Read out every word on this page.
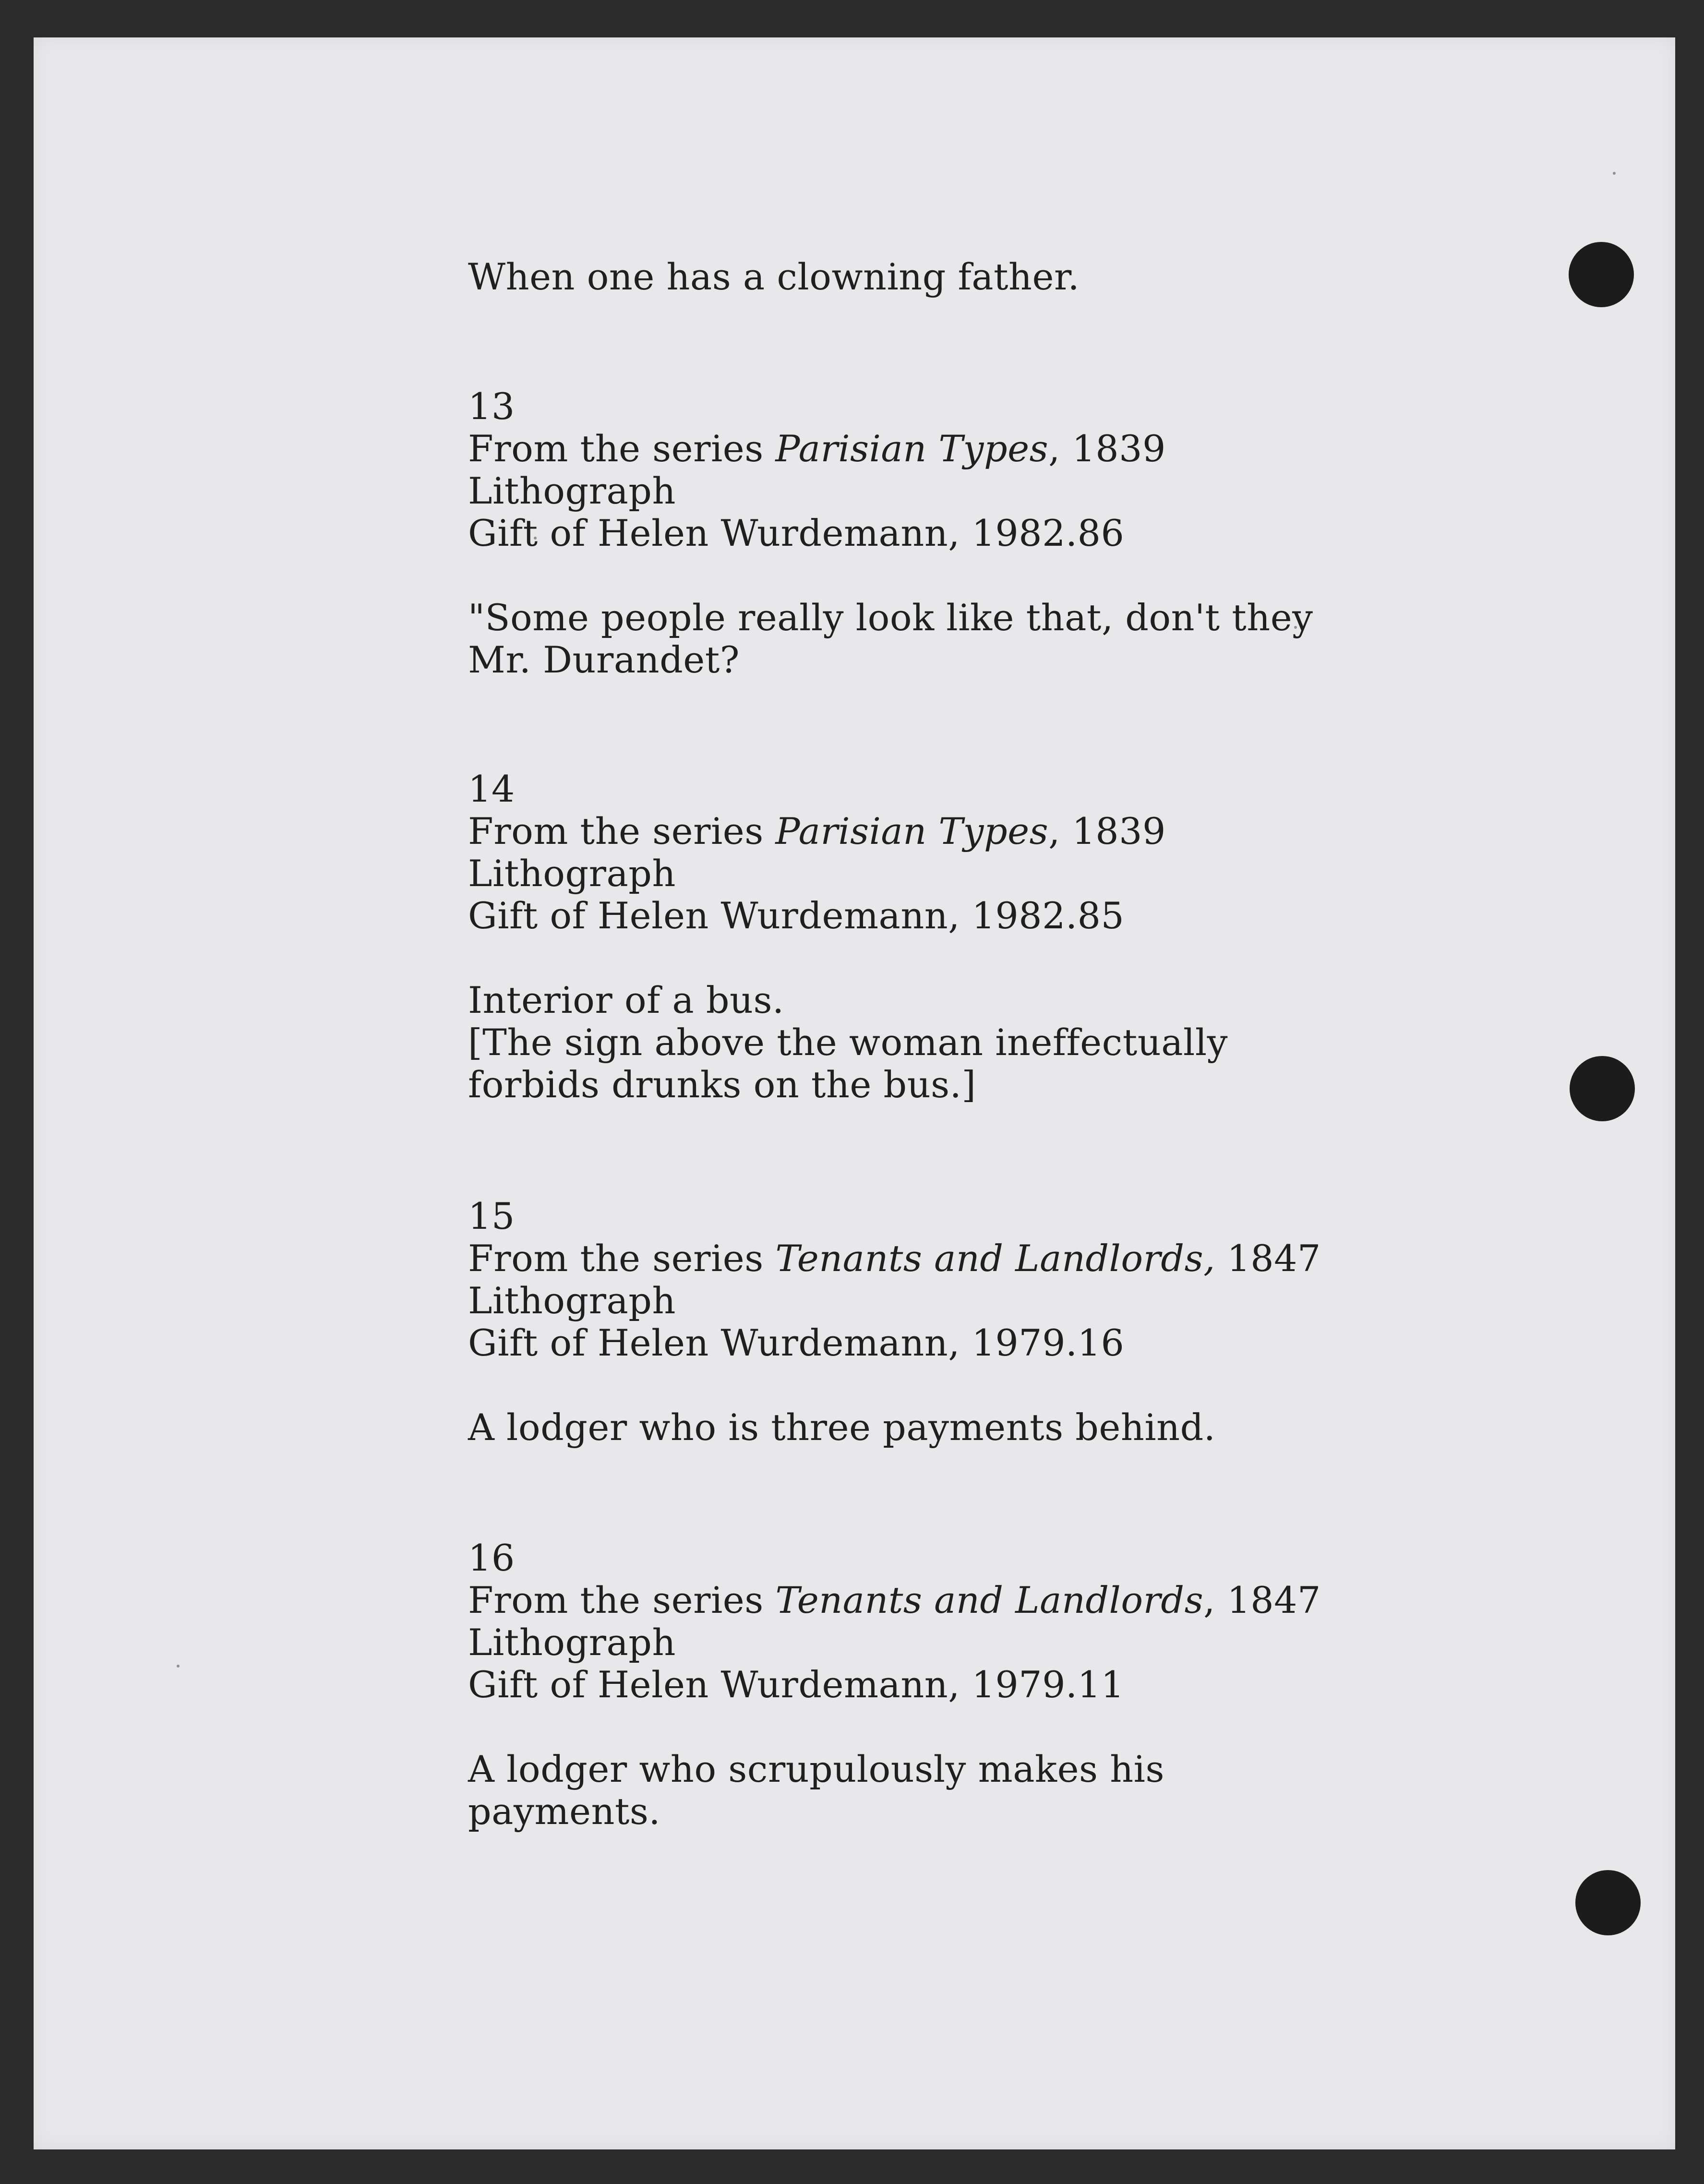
When one has a clowning father.
13
From the series Parisian Types, 1839
Lithograph
Gift of Helen Wurdemann, 1982.86
"Some people really look like that, don't they
Mr. Durandet?
14
From the series Parisian Types, 1839
Lithograph
Gift of Helen Wurdemann, 1982.85
Interior of a bus.
[The sign above the woman ineffectually
forbids drunks on the bus.]
15
From the series Tenants and Landlords, 1847
Lithograph
Gift of Helen Wurdemann, 1979.16
A lodger who is three payments behind.
16
From the series Tenants and Landlords, 1847
Lithograph
Gift of Helen Wurdemann, 1979.11
A lodger who scrupulously makes his
payments.
